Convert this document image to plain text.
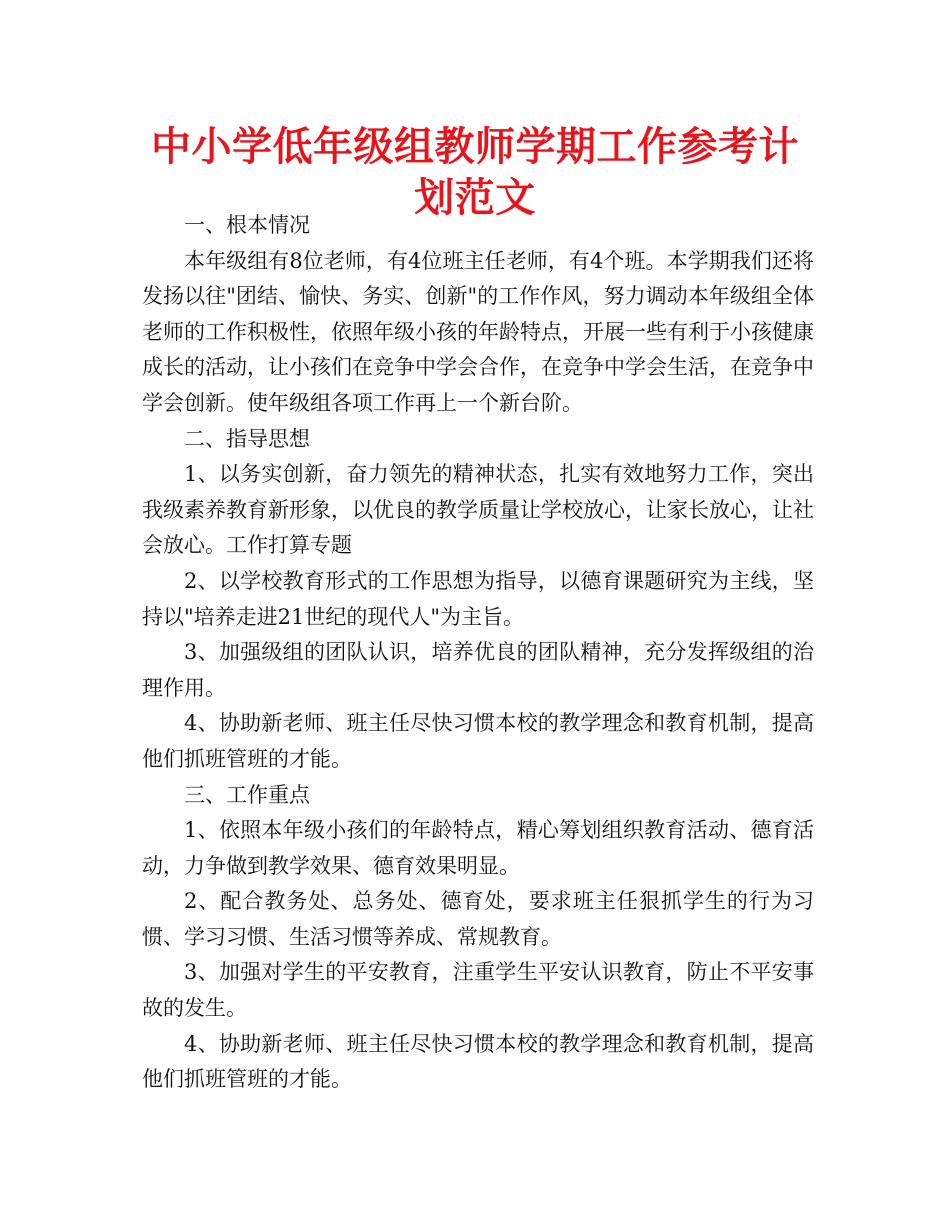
中小学低年级组教师学期工作参考计划范文

一、根本情况

本年级组有8位老师，有4位班主任老师，有4个班。本学期我们还将发扬以往"团结、愉快、务实、创新"的工作作风，努力调动本年级组全体老师的工作积极性，依照年级小孩的年龄特点，开展一些有利于小孩健康成长的活动，让小孩们在竞争中学会合作，在竞争中学会生活，在竞争中学会创新。使年级组各项工作再上一个新台阶。

二、指导思想

1、以务实创新，奋力领先的精神状态，扎实有效地努力工作，突出我级素养教育新形象，以优良的教学质量让学校放心，让家长放心，让社会放心。工作打算专题

2、以学校教育形式的工作思想为指导，以德育课题研究为主线，坚持以"培养走进21世纪的现代人"为主旨。

3、加强级组的团队认识，培养优良的团队精神，充分发挥级组的治理作用。

4、协助新老师、班主任尽快习惯本校的教学理念和教育机制，提高他们抓班管班的才能。

三、工作重点

1、依照本年级小孩们的年龄特点，精心筹划组织教育活动、德育活动，力争做到教学效果、德育效果明显。

2、配合教务处、总务处、德育处，要求班主任狠抓学生的行为习惯、学习习惯、生活习惯等养成、常规教育。

3、加强对学生的平安教育，注重学生平安认识教育，防止不平安事故的发生。

4、协助新老师、班主任尽快习惯本校的教学理念和教育机制，提高他们抓班管班的才能。
